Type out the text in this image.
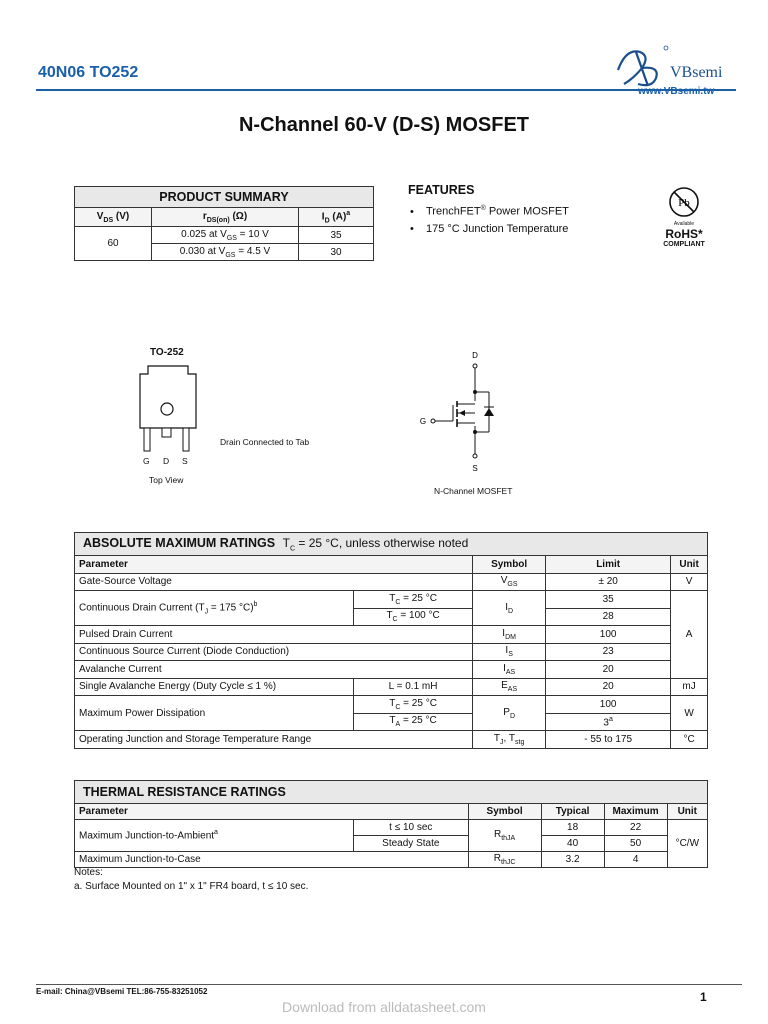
40N06 TO252	VBsemi
www.VBsemi.tw
N-Channel 60-V (D-S) MOSFET
PRODUCT SUMMARY		
$V_{DS}$ (V)	$r_{DS(on)}$ (Ω)	$I_D$ $(A)^a$
60	0.025 at $V_{GS} = 10$ V	35
	0.030 at $V_{GS} = 4.5$ V	30
FEATURES
• TrenchFET® Power MOSFET
• 175 °C Junction Temperature
Pb
Available
RoHS*
COMPLIANT
TO-252
G D S
Top View
Drain Connected to Tab
D
G
S
N-Channel MOSFET
ABSOLUTE MAXIMUM RATINGS $T_C = 25$ °C, unless otherwise noted				
Parameter		Symbol	Limit	Unit
Gate-Source Voltage		$V_{GS}$	± 20	V
Continuous Drain Current ($T_J = 175$ °C)$^b$	$T_C = 25$ °C	$I_D$	35	A
	$T_C = 100$ °C		28	
Pulsed Drain Current		$I_{DM}$	100	
Continuous Source Current (Diode Conduction)		$I_S$	23	
Avalanche Current		$I_{AS}$	20	
Single Avalanche Energy (Duty Cycle ≤ 1 %)	L = 0.1 mH	$E_{AS}$	20	mJ
Maximum Power Dissipation	$T_C = 25$ °C	$P_D$	100	W
	$T_A = 25$ °C		3$^a$
Operating Junction and Storage Temperature Range		$T_J$, $T_{stg}$	- 55 to 175	°C
THERMAL RESISTANCE RATINGS					
Parameter		Symbol	Typical	Maximum	Unit
Maximum Junction-to-Ambient$^a$	t ≤ 10 sec	$R_{thJA}$	18	22	°C/W
	Steady State		40	50	
Maximum Junction-to-Case		$R_{thJC}$	3.2	4	
Notes:
a. Surface Mounted on 1" x 1" FR4 board, t ≤ 10 sec.
E-mail: China@VBsemi TEL:86-755-83251052	1
Download from alldatasheet.com
